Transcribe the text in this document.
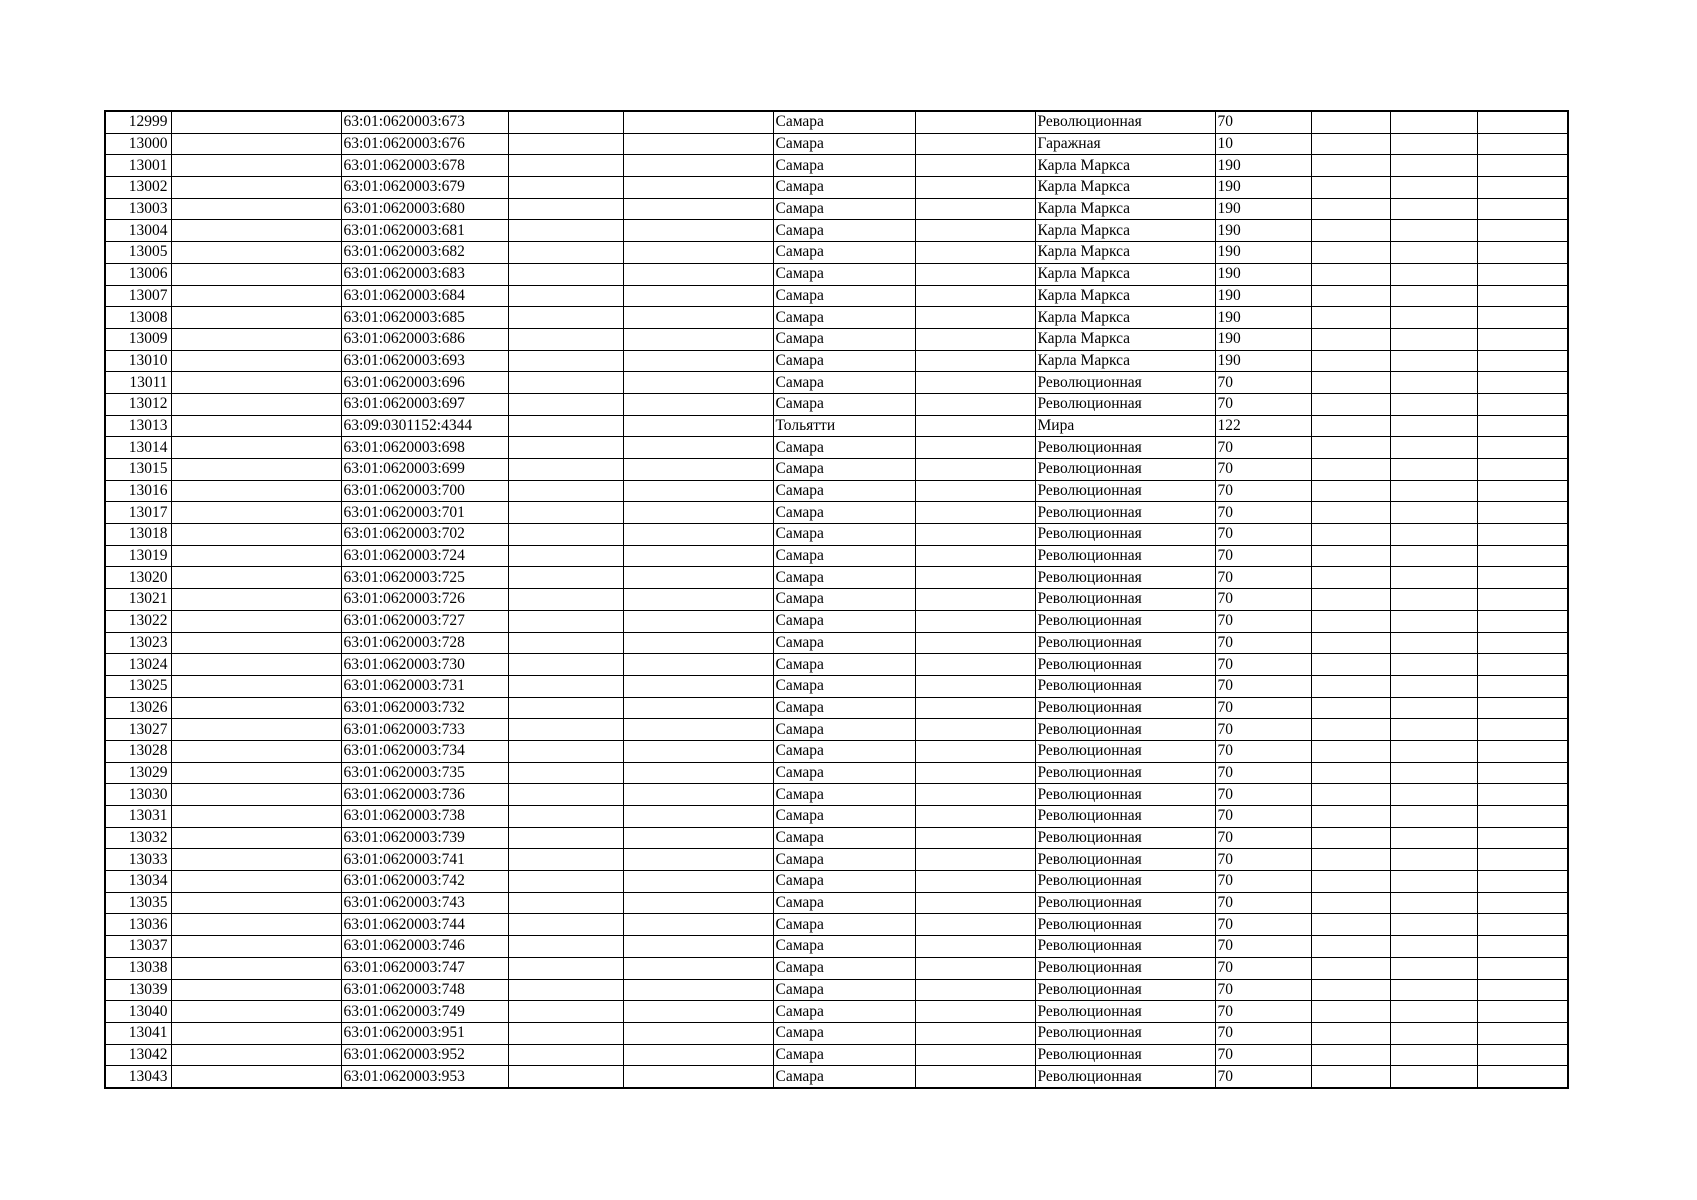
12999		63:01:0620003:673			Самара		Революционная	70			
13000		63:01:0620003:676			Самара		Гаражная	10			
13001		63:01:0620003:678			Самара		Карла Маркса	190			
13002		63:01:0620003:679			Самара		Карла Маркса	190			
13003		63:01:0620003:680			Самара		Карла Маркса	190			
13004		63:01:0620003:681			Самара		Карла Маркса	190			
13005		63:01:0620003:682			Самара		Карла Маркса	190			
13006		63:01:0620003:683			Самара		Карла Маркса	190			
13007		63:01:0620003:684			Самара		Карла Маркса	190			
13008		63:01:0620003:685			Самара		Карла Маркса	190			
13009		63:01:0620003:686			Самара		Карла Маркса	190			
13010		63:01:0620003:693			Самара		Карла Маркса	190			
13011		63:01:0620003:696			Самара		Революционная	70			
13012		63:01:0620003:697			Самара		Революционная	70			
13013		63:09:0301152:4344			Тольятти		Мира	122			
13014		63:01:0620003:698			Самара		Революционная	70			
13015		63:01:0620003:699			Самара		Революционная	70			
13016		63:01:0620003:700			Самара		Революционная	70			
13017		63:01:0620003:701			Самара		Революционная	70			
13018		63:01:0620003:702			Самара		Революционная	70			
13019		63:01:0620003:724			Самара		Революционная	70			
13020		63:01:0620003:725			Самара		Революционная	70			
13021		63:01:0620003:726			Самара		Революционная	70			
13022		63:01:0620003:727			Самара		Революционная	70			
13023		63:01:0620003:728			Самара		Революционная	70			
13024		63:01:0620003:730			Самара		Революционная	70			
13025		63:01:0620003:731			Самара		Революционная	70			
13026		63:01:0620003:732			Самара		Революционная	70			
13027		63:01:0620003:733			Самара		Революционная	70			
13028		63:01:0620003:734			Самара		Революционная	70			
13029		63:01:0620003:735			Самара		Революционная	70			
13030		63:01:0620003:736			Самара		Революционная	70			
13031		63:01:0620003:738			Самара		Революционная	70			
13032		63:01:0620003:739			Самара		Революционная	70			
13033		63:01:0620003:741			Самара		Революционная	70			
13034		63:01:0620003:742			Самара		Революционная	70			
13035		63:01:0620003:743			Самара		Революционная	70			
13036		63:01:0620003:744			Самара		Революционная	70			
13037		63:01:0620003:746			Самара		Революционная	70			
13038		63:01:0620003:747			Самара		Революционная	70			
13039		63:01:0620003:748			Самара		Революционная	70			
13040		63:01:0620003:749			Самара		Революционная	70			
13041		63:01:0620003:951			Самара		Революционная	70			
13042		63:01:0620003:952			Самара		Революционная	70			
13043		63:01:0620003:953			Самара		Революционная	70			
